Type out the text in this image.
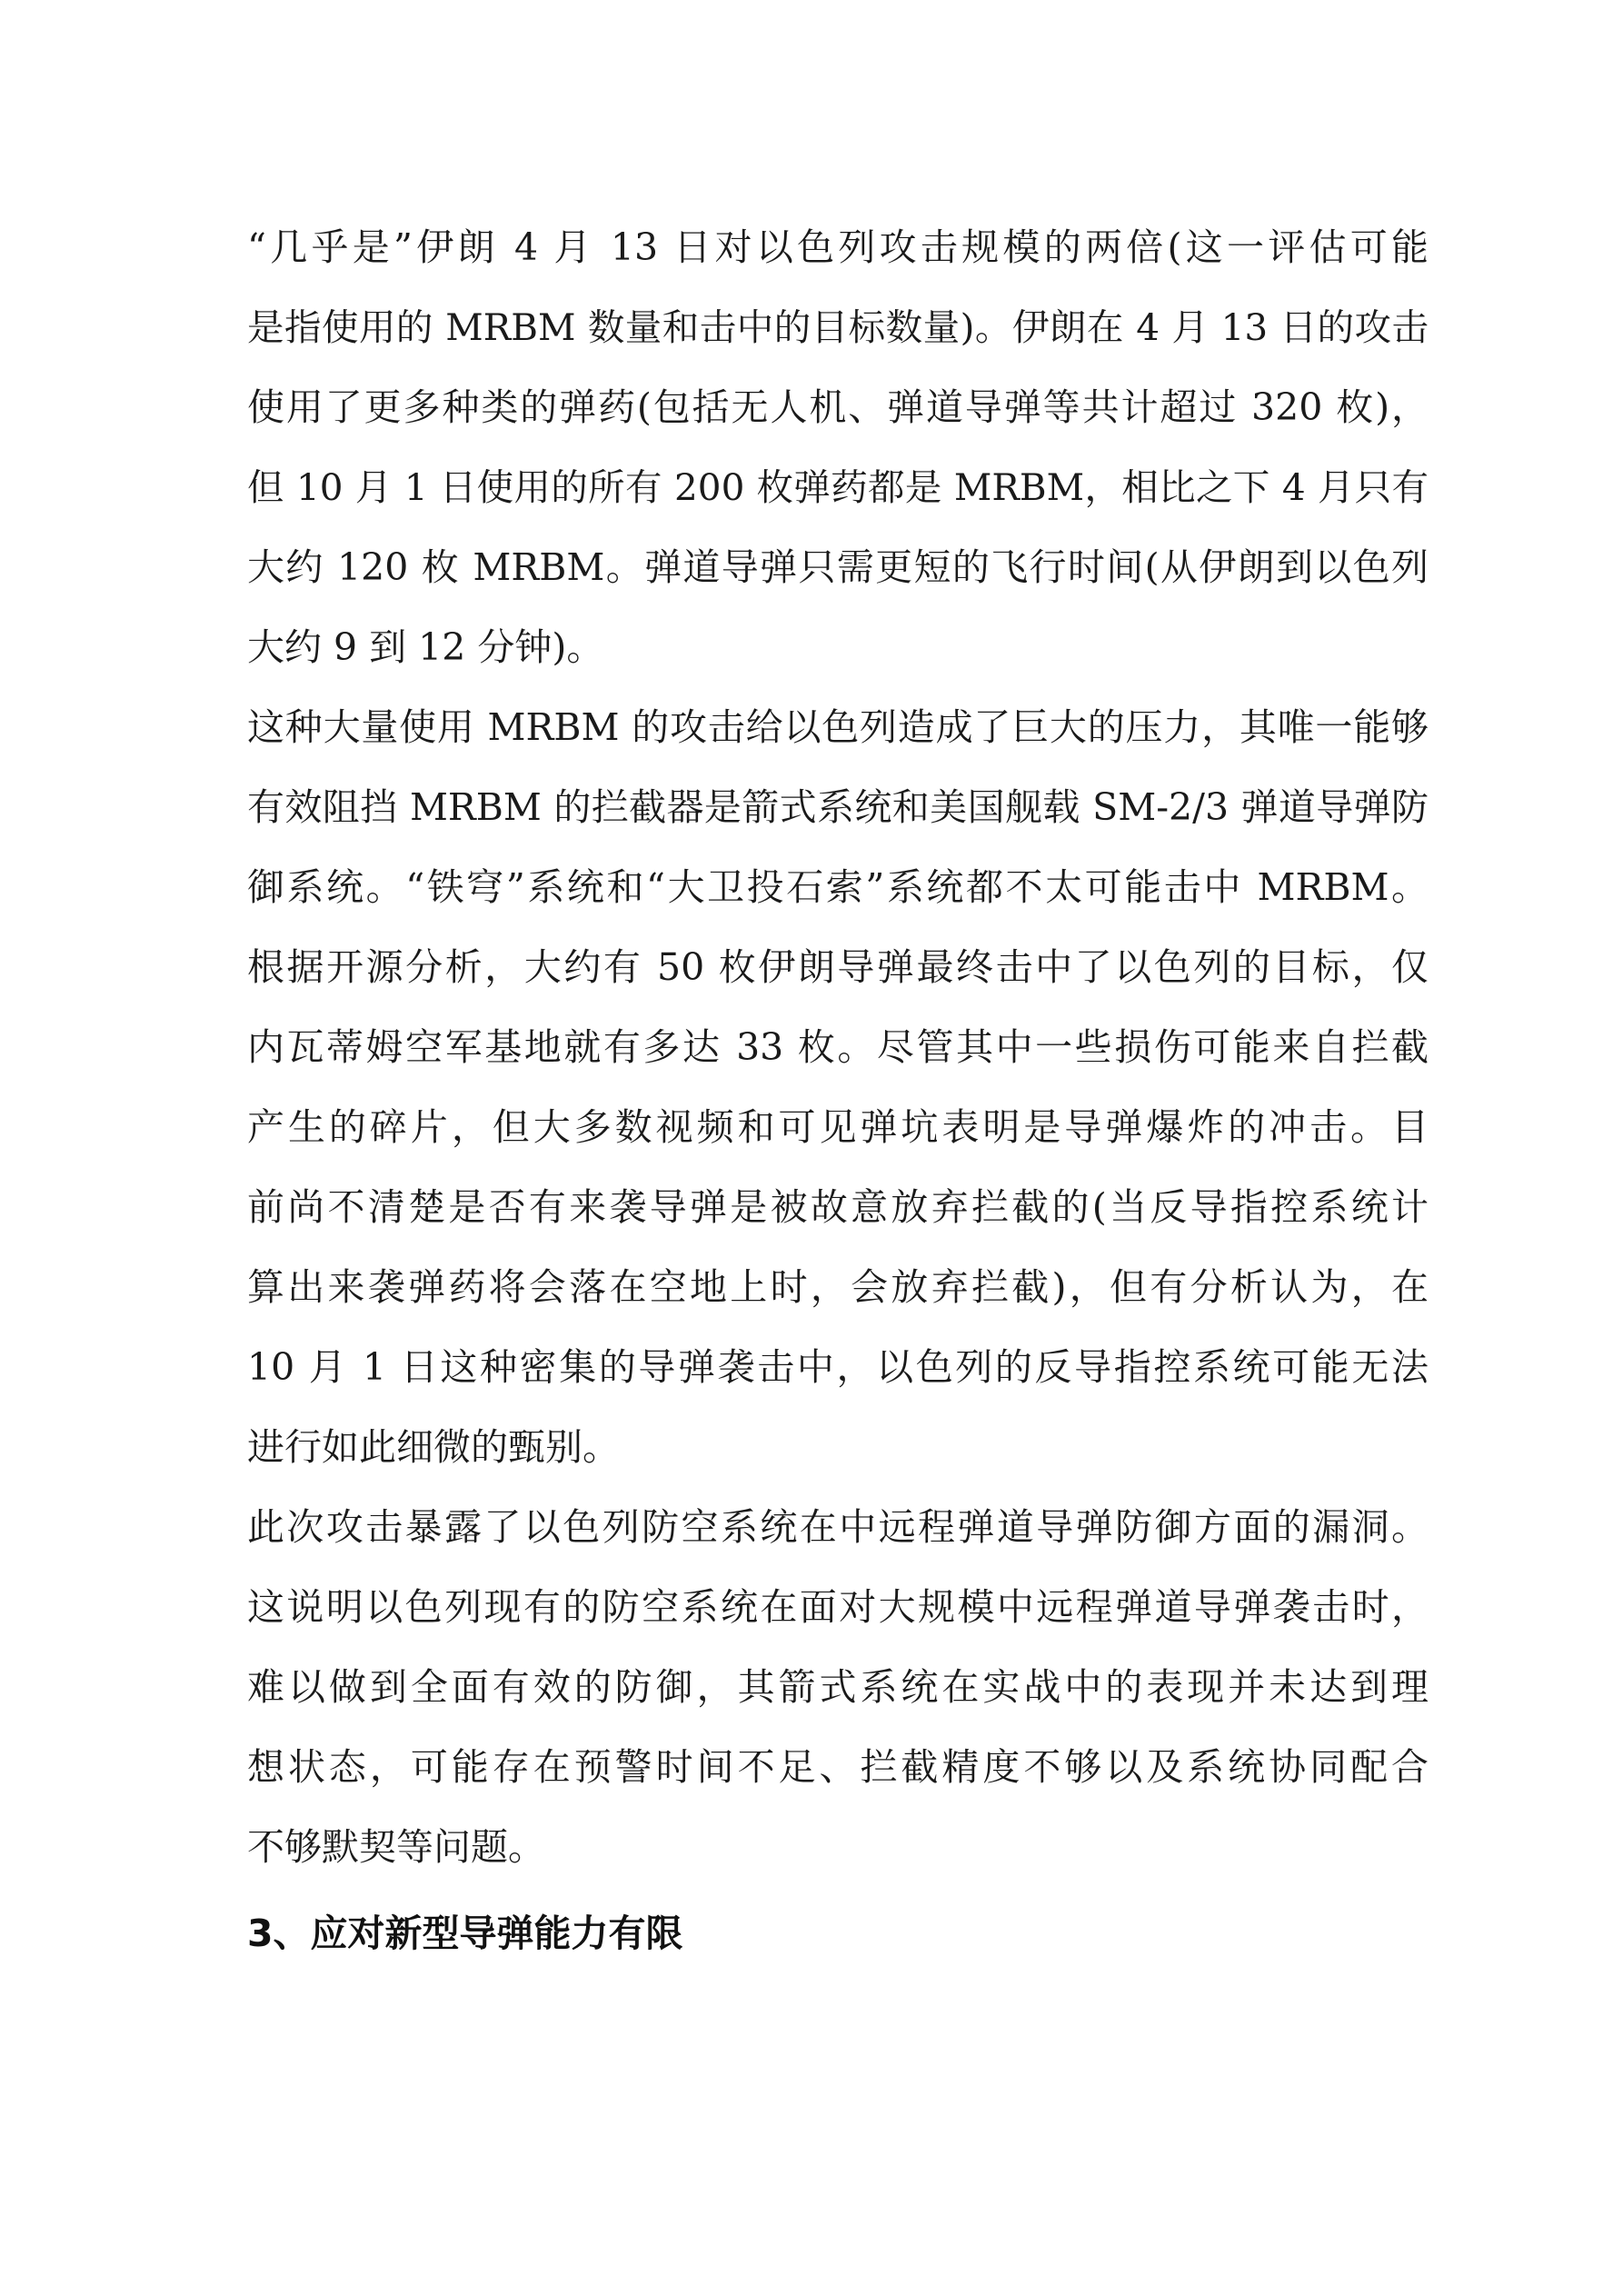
“几乎是”伊朗 4 月 13 日对以色列攻击规模的两倍(这一评估可能
是指使用的 MRBM 数量和击中的目标数量)。伊朗在 4 月 13 日的攻击
使用了更多种类的弹药(包括无人机、弹道导弹等共计超过 320 枚)，
但 10 月 1 日使用的所有 200 枚弹药都是 MRBM，相比之下 4 月只有
大约 120 枚 MRBM。弹道导弹只需更短的飞行时间(从伊朗到以色列
大约 9 到 12 分钟)。
这种大量使用 MRBM 的攻击给以色列造成了巨大的压力，其唯一能够
有效阻挡 MRBM 的拦截器是箭式系统和美国舰载 SM-2/3 弹道导弹防
御系统。“铁穹”系统和“大卫投石索”系统都不太可能击中 MRBM。
根据开源分析，大约有 50 枚伊朗导弹最终击中了以色列的目标，仅
内瓦蒂姆空军基地就有多达 33 枚。尽管其中一些损伤可能来自拦截
产生的碎片，但大多数视频和可见弹坑表明是导弹爆炸的冲击。目
前尚不清楚是否有来袭导弹是被故意放弃拦截的(当反导指控系统计
算出来袭弹药将会落在空地上时，会放弃拦截)，但有分析认为，在
10 月 1 日这种密集的导弹袭击中，以色列的反导指控系统可能无法
进行如此细微的甄别。
此次攻击暴露了以色列防空系统在中远程弹道导弹防御方面的漏洞。
这说明以色列现有的防空系统在面对大规模中远程弹道导弹袭击时，
难以做到全面有效的防御，其箭式系统在实战中的表现并未达到理
想状态，可能存在预警时间不足、拦截精度不够以及系统协同配合
不够默契等问题。
3、应对新型导弹能力有限
